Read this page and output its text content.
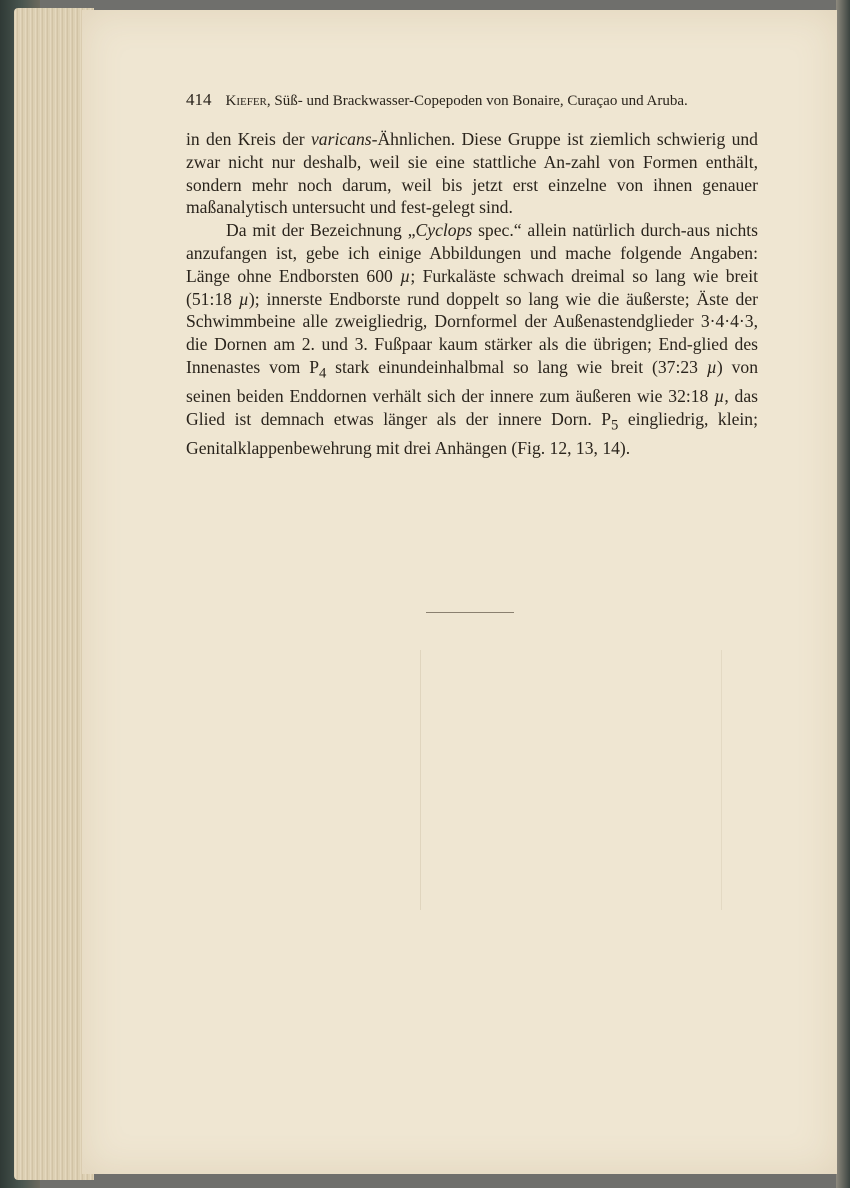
414 Kiefer, Süß- und Brackwasser-Copepoden von Bonaire, Curaçao und Aruba.

in den Kreis der varicans-Ähnlichen. Diese Gruppe ist ziemlich schwierig und zwar nicht nur deshalb, weil sie eine stattliche An-zahl von Formen enthält, sondern mehr noch darum, weil bis jetzt erst einzelne von ihnen genauer maßanalytisch untersucht und fest-gelegt sind.

Da mit der Bezeichnung „Cyclops spec.“ allein natürlich durch-aus nichts anzufangen ist, gebe ich einige Abbildungen und mache folgende Angaben: Länge ohne Endborsten 600 µ; Furkaläste schwach dreimal so lang wie breit (51:18 µ); innerste Endborste rund doppelt so lang wie die äußerste; Äste der Schwimmbeine alle zweigliedrig, Dornformel der Außenastendglieder 3·4·4·3, die Dornen am 2. und 3. Fußpaar kaum stärker als die übrigen; End-glied des Innenastes vom $P_4$ stark einundeinhalbmal so lang wie breit (37:23 µ) von seinen beiden Enddornen verhält sich der innere zum äußeren wie 32:18 µ, das Glied ist demnach etwas länger als der innere Dorn. $P_5$ eingliedrig, klein; Genitalklappenbewehrung mit drei Anhängen (Fig. 12, 13, 14).
